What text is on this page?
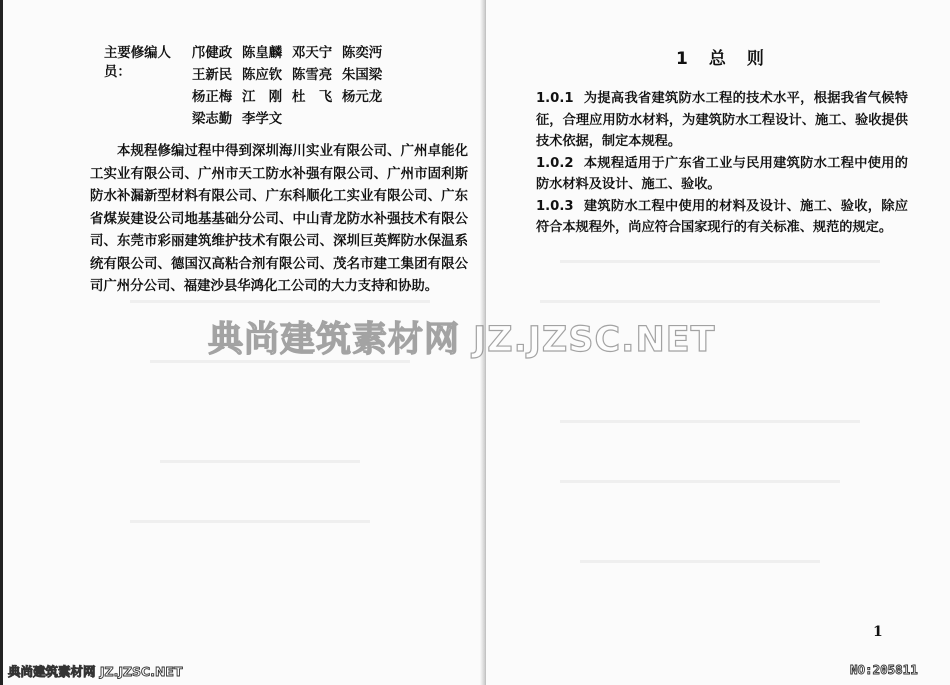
主要修编人员：
邝健政 陈皇麟 邓天宁 陈奕沔
王新民 陈应钦 陈雪亮 朱国梁
杨正梅 江　刚 杜　飞 杨元龙
梁志勤 李学文

本规程修编过程中得到深圳海川实业有限公司、广州卓能化工实业有限公司、广州市天工防水补强有限公司、广州市固利斯防水补漏新型材料有限公司、广东科顺化工实业有限公司、广东省煤炭建设公司地基基础分公司、中山青龙防水补强技术有限公司、东莞市彩丽建筑维护技术有限公司、深圳巨英辉防水保温系统有限公司、德国汉高粘合剂有限公司、茂名市建工集团有限公司广州分公司、福建沙县华鸿化工公司的大力支持和协助。

1　总　则

1.0.1 为提高我省建筑防水工程的技术水平，根据我省气候特征，合理应用防水材料，为建筑防水工程设计、施工、验收提供技术依据，制定本规程。

1.0.2 本规程适用于广东省工业与民用建筑防水工程中使用的防水材料及设计、施工、验收。

1.0.3 建筑防水工程中使用的材料及设计、施工、验收，除应符合本规程外，尚应符合国家现行的有关标准、规范的规定。

1
典尚建筑素材网 JZ.JZSC.NET
典尚建筑素材网 JZ.JZSC.NET	NO:205811
